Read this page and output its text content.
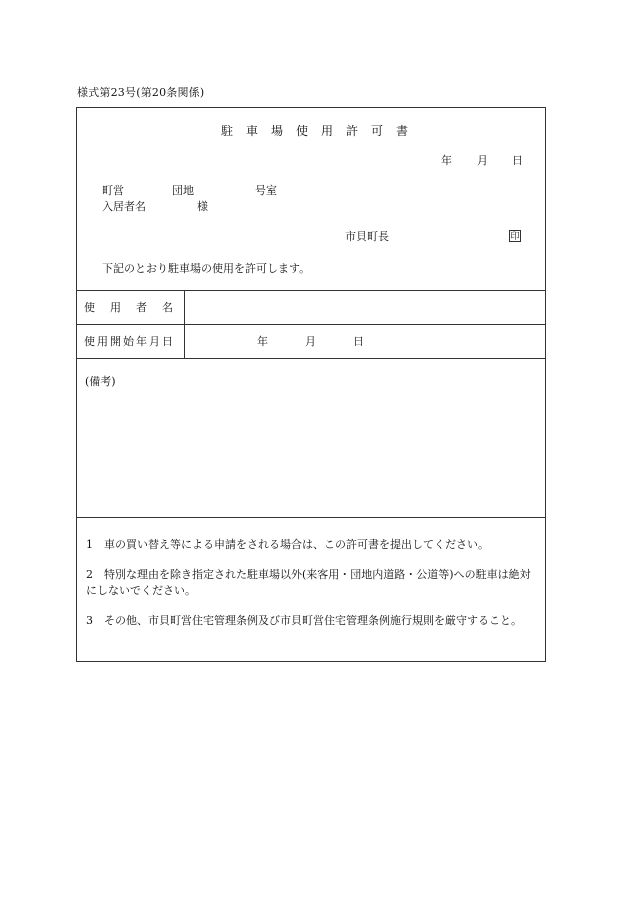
様式第23号(第20条関係)
駐車場使用許可書
年 月 日
町営	団地	号室
入居者名	様
市貝町長	印
下記のとおり駐車場の使用を許可します。
使用者名
使用開始年月日	年	月	日
(備考)
1　車の買い替え等による申請をされる場合は、この許可書を提出してください。
2　特別な理由を除き指定された駐車場以外(来客用・団地内道路・公道等)への駐車は絶対にしないでください。
3　その他、市貝町営住宅管理条例及び市貝町営住宅管理条例施行規則を厳守すること。
